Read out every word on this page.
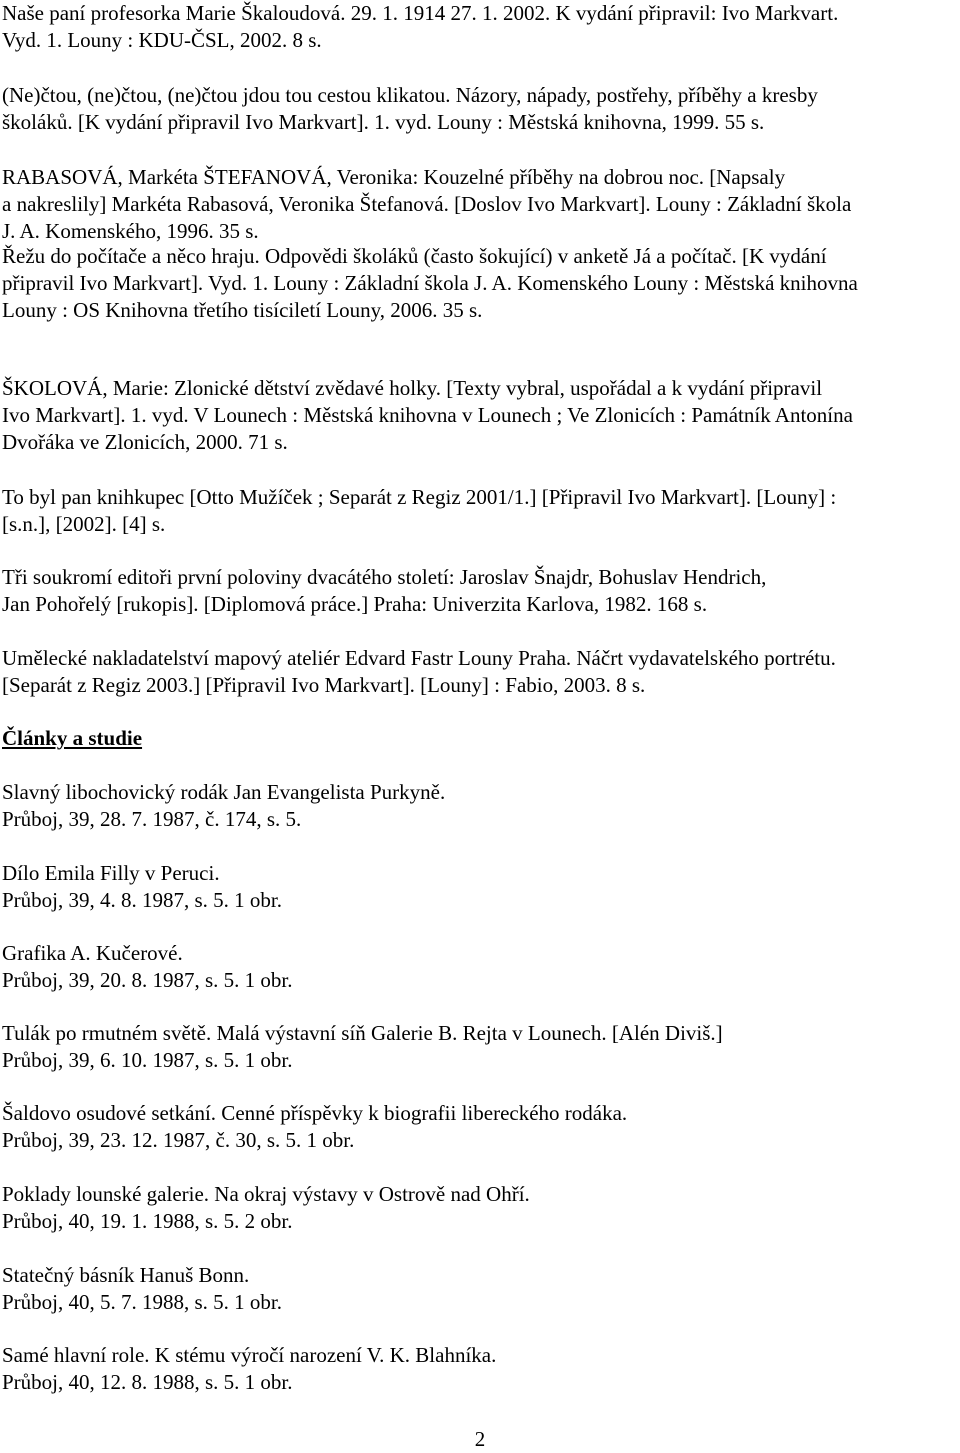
Naše paní profesorka Marie Škaloudová. 29. 1. 1914 27. 1. 2002. K vydání připravil: Ivo Markvart.

Vyd. 1. Louny : KDU-ČSL, 2002. 8 s.

(Ne)čtou, (ne)čtou, (ne)čtou jdou tou cestou klikatou. Názory, nápady, postřehy, příběhy a kresby

školáků. [K vydání připravil Ivo Markvart]. 1. vyd. Louny : Městská knihovna, 1999. 55 s.

RABASOVÁ, Markéta ŠTEFANOVÁ, Veronika: Kouzelné příběhy na dobrou noc. [Napsaly

a nakreslily] Markéta Rabasová, Veronika Štefanová. [Doslov Ivo Markvart]. Louny : Základní škola

J. A. Komenského, 1996. 35 s.

Řežu do počítače a něco hraju. Odpovědi školáků (často šokující) v anketě Já a počítač. [K vydání

připravil Ivo Markvart]. Vyd. 1. Louny : Základní škola J. A. Komenského Louny : Městská knihovna

Louny : OS Knihovna třetího tisíciletí Louny, 2006. 35 s.

ŠKOLOVÁ, Marie: Zlonické dětství zvědavé holky. [Texty vybral, uspořádal a k vydání připravil

Ivo Markvart]. 1. vyd. V Lounech : Městská knihovna v Lounech ; Ve Zlonicích : Památník Antonína

Dvořáka ve Zlonicích, 2000. 71 s.

To byl pan knihkupec [Otto Mužíček ; Separát z Regiz 2001/1.] [Připravil Ivo Markvart]. [Louny] :

[s.n.], [2002]. [4] s.

Tři soukromí editoři první poloviny dvacátého století: Jaroslav Šnajdr, Bohuslav Hendrich,

Jan Pohořelý [rukopis]. [Diplomová práce.] Praha: Univerzita Karlova, 1982. 168 s.

Umělecké nakladatelství mapový ateliér Edvard Fastr Louny Praha. Náčrt vydavatelského portrétu.

[Separát z Regiz 2003.] [Připravil Ivo Markvart]. [Louny] : Fabio, 2003. 8 s.

Články a studie

Slavný libochovický rodák Jan Evangelista Purkyně.

Průboj, 39, 28. 7. 1987, č. 174, s. 5.

Dílo Emila Filly v Peruci.

Průboj, 39, 4. 8. 1987, s. 5. 1 obr.

Grafika A. Kučerové.

Průboj, 39, 20. 8. 1987, s. 5. 1 obr.

Tulák po rmutném světě. Malá výstavní síň Galerie B. Rejta v Lounech. [Alén Diviš.]

Průboj, 39, 6. 10. 1987, s. 5. 1 obr.

Šaldovo osudové setkání. Cenné příspěvky k biografii libereckého rodáka.

Průboj, 39, 23. 12. 1987, č. 30, s. 5. 1 obr.

Poklady lounské galerie. Na okraj výstavy v Ostrově nad Ohří.

Průboj, 40, 19. 1. 1988, s. 5. 2 obr.

Statečný básník Hanuš Bonn.

Průboj, 40, 5. 7. 1988, s. 5. 1 obr.

Samé hlavní role. K stému výročí narození V. K. Blahníka.

Průboj, 40, 12. 8. 1988, s. 5. 1 obr.

2
